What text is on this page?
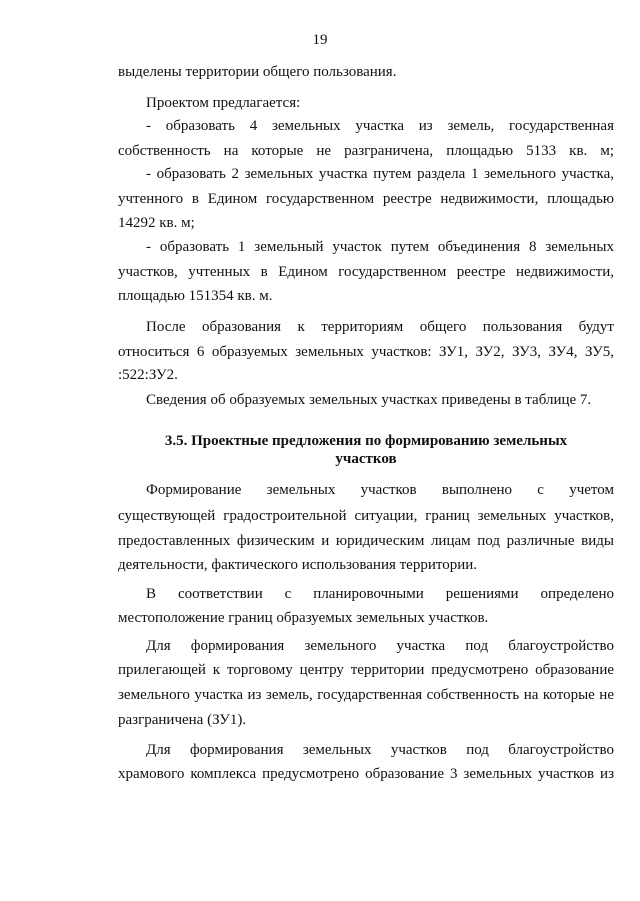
19
выделены территории общего пользования.
Проектом предлагается:
- образовать 4 земельных участка из земель, государственная
собственность на которые не разграничена, площадью 5133 кв. м;
- образовать 2 земельных участка путем раздела 1 земельного участка,
учтенного в Едином государственном реестре недвижимости, площадью
14292 кв. м;
- образовать 1 земельный участок путем объединения 8 земельных
участков, учтенных в Едином государственном реестре недвижимости,
площадью 151354 кв. м.
После образования к территориям общего пользования будут
относиться 6 образуемых земельных участков: ЗУ1, ЗУ2, ЗУ3, ЗУ4, ЗУ5,
:522:ЗУ2.
Сведения об образуемых земельных участках приведены в таблице 7.
3.5. Проектные предложения по формированию земельных
участков
Формирование земельных участков выполнено с учетом
существующей градостроительной ситуации, границ земельных участков,
предоставленных физическим и юридическим лицам под различные виды
деятельности, фактического использования территории.
В соответствии с планировочными решениями определено
местоположение границ образуемых земельных участков.
Для формирования земельного участка под благоустройство
прилегающей к торговому центру территории предусмотрено образование
земельного участка из земель, государственная собственность на которые не
разграничена (ЗУ1).
Для формирования земельных участков под благоустройство
храмового комплекса предусмотрено образование 3 земельных участков из
